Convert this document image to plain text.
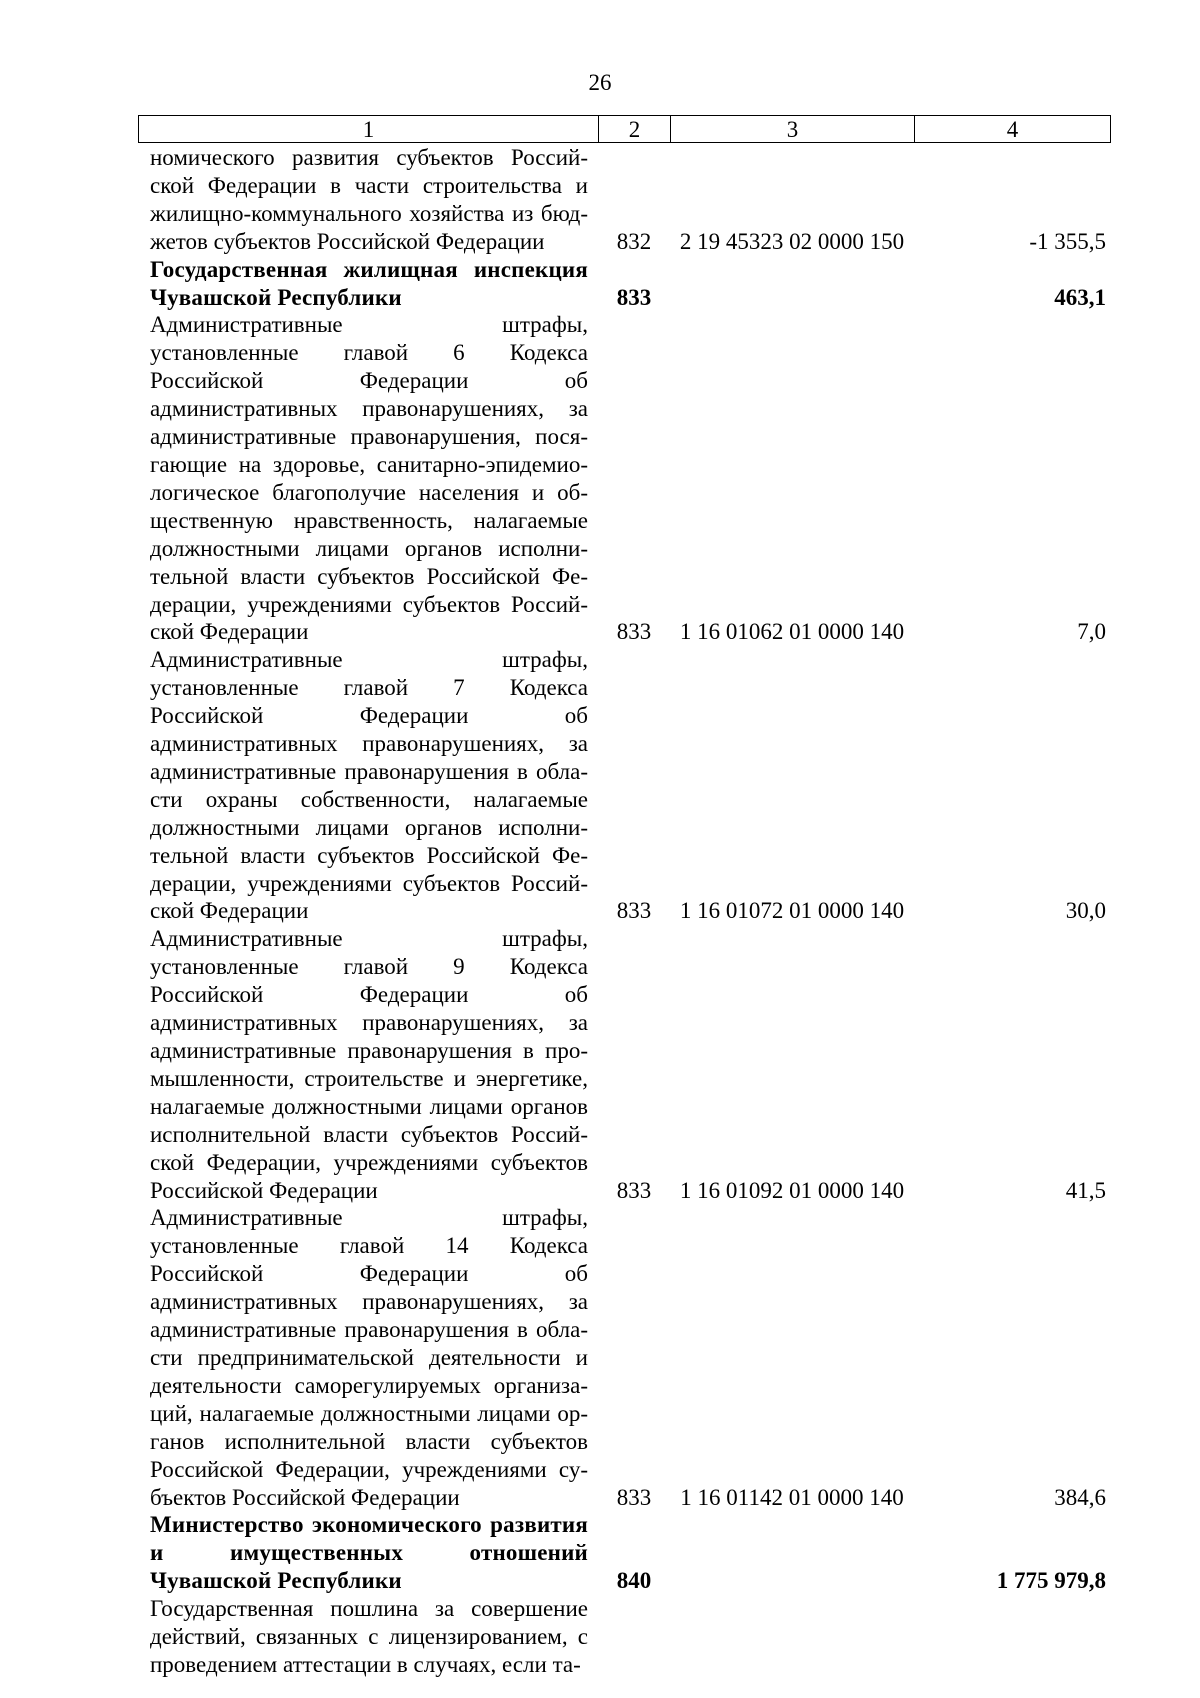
26
1	2	3	4
номического развития субъектов Россий-ской Федерации в части строительства и жилищно-коммунального хозяйства из бюд-жетов субъектов Российской Федерации	832	2 19 45323 02 0000 150	-1 355,5
Государственная жилищная инспекция Чувашской Республики	833		463,1
Административные штрафы, установленные главой 6 Кодекса Российской Федерации об административных правонарушениях, за административные правонарушения, пося-гающие на здоровье, санитарно-эпидемио-логическое благополучие населения и об-щественную нравственность, налагаемые должностными лицами органов исполни-тельной власти субъектов Российской Фе-дерации, учреждениями субъектов Россий-ской Федерации	833	1 16 01062 01 0000 140	7,0
Административные штрафы, установленные главой 7 Кодекса Российской Федерации об административных правонарушениях, за административные правонарушения в обла-сти охраны собственности, налагаемые должностными лицами органов исполни-тельной власти субъектов Российской Фе-дерации, учреждениями субъектов Россий-ской Федерации	833	1 16 01072 01 0000 140	30,0
Административные штрафы, установленные главой 9 Кодекса Российской Федерации об административных правонарушениях, за административные правонарушения в про-мышленности, строительстве и энергетике, налагаемые должностными лицами органов исполнительной власти субъектов Россий-ской Федерации, учреждениями субъектов Российской Федерации	833	1 16 01092 01 0000 140	41,5
Административные штрафы, установленные главой 14 Кодекса Российской Федерации об административных правонарушениях, за административные правонарушения в обла-сти предпринимательской деятельности и деятельности саморегулируемых организа-ций, налагаемые должностными лицами ор-ганов исполнительной власти субъектов Российской Федерации, учреждениями су-бъектов Российской Федерации	833	1 16 01142 01 0000 140	384,6
Министерство экономического развития и имущественных отношений Чувашской Республики	840		1 775 979,8
Государственная пошлина за совершение действий, связанных с лицензированием, с проведением аттестации в случаях, если та-			
